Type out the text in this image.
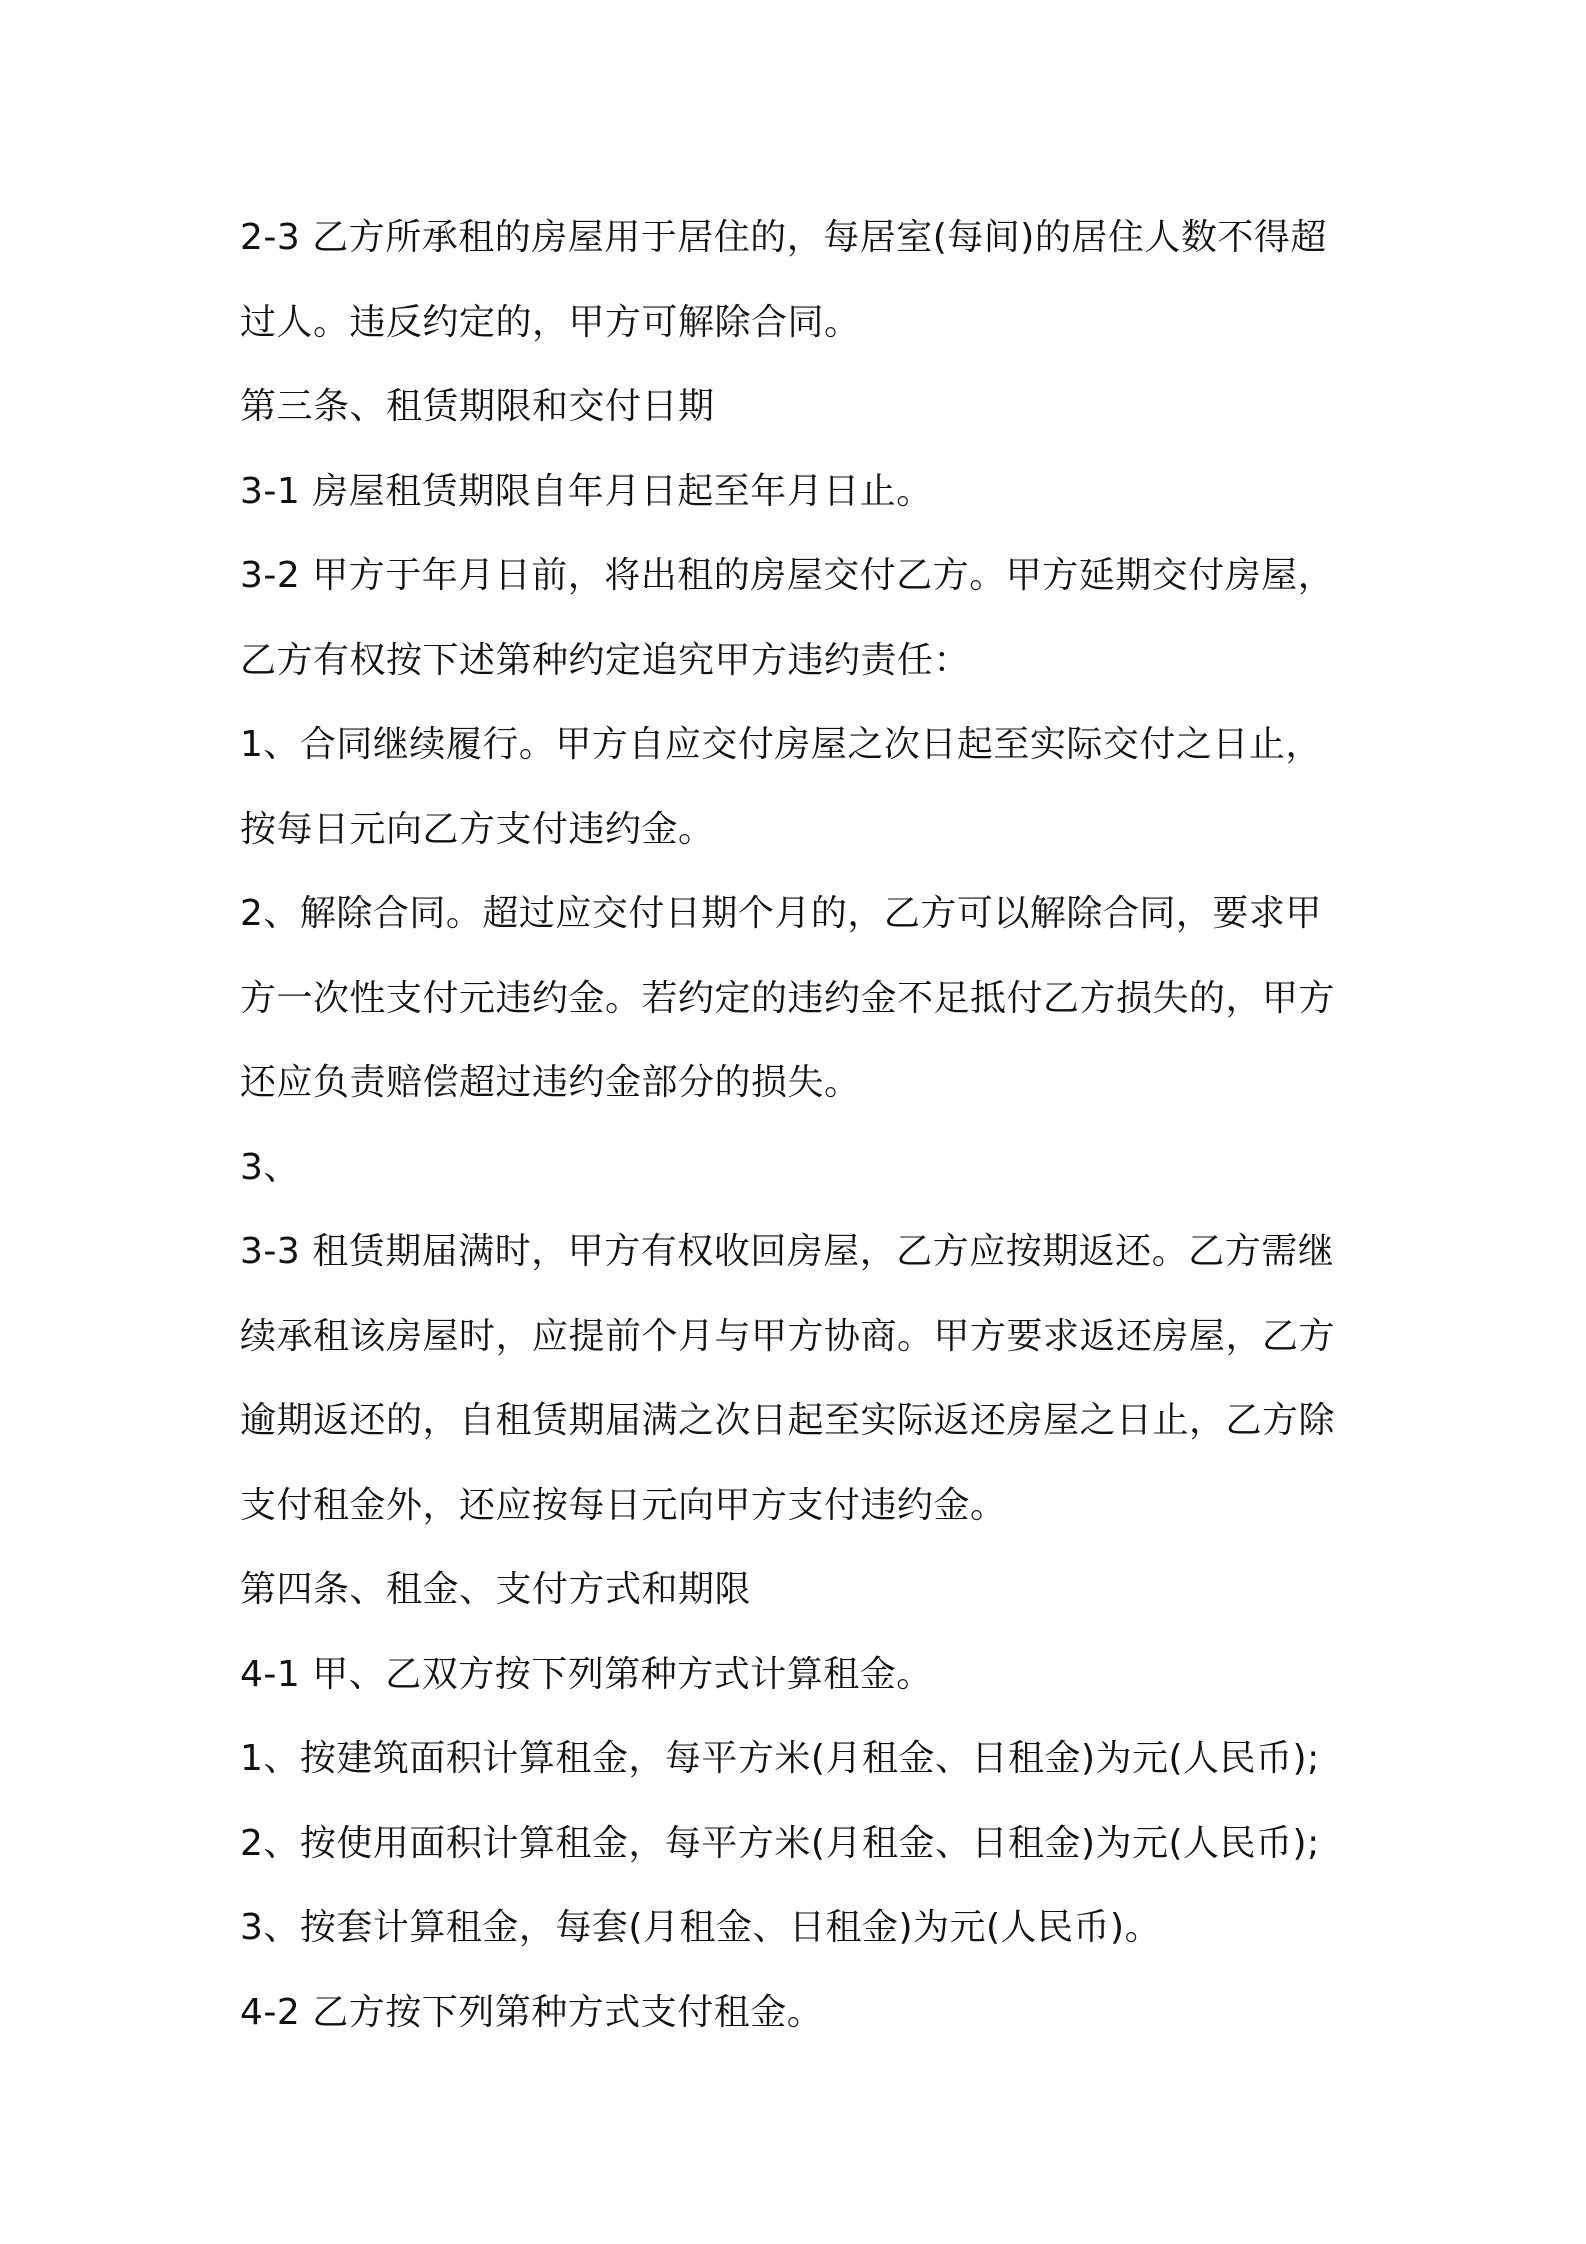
2-3 乙方所承租的房屋用于居住的，每居室(每间)的居住人数不得超
过人。违反约定的，甲方可解除合同。
第三条、租赁期限和交付日期
3-1 房屋租赁期限自年月日起至年月日止。
3-2 甲方于年月日前，将出租的房屋交付乙方。甲方延期交付房屋，
乙方有权按下述第种约定追究甲方违约责任：
1、合同继续履行。甲方自应交付房屋之次日起至实际交付之日止，
按每日元向乙方支付违约金。
2、解除合同。超过应交付日期个月的，乙方可以解除合同，要求甲
方一次性支付元违约金。若约定的违约金不足抵付乙方损失的，甲方
还应负责赔偿超过违约金部分的损失。
3、
3-3 租赁期届满时，甲方有权收回房屋，乙方应按期返还。乙方需继
续承租该房屋时，应提前个月与甲方协商。甲方要求返还房屋，乙方
逾期返还的，自租赁期届满之次日起至实际返还房屋之日止，乙方除
支付租金外，还应按每日元向甲方支付违约金。
第四条、租金、支付方式和期限
4-1 甲、乙双方按下列第种方式计算租金。
1、按建筑面积计算租金，每平方米(月租金、日租金)为元(人民币);
2、按使用面积计算租金，每平方米(月租金、日租金)为元(人民币);
3、按套计算租金，每套(月租金、日租金)为元(人民币)。
4-2 乙方按下列第种方式支付租金。
